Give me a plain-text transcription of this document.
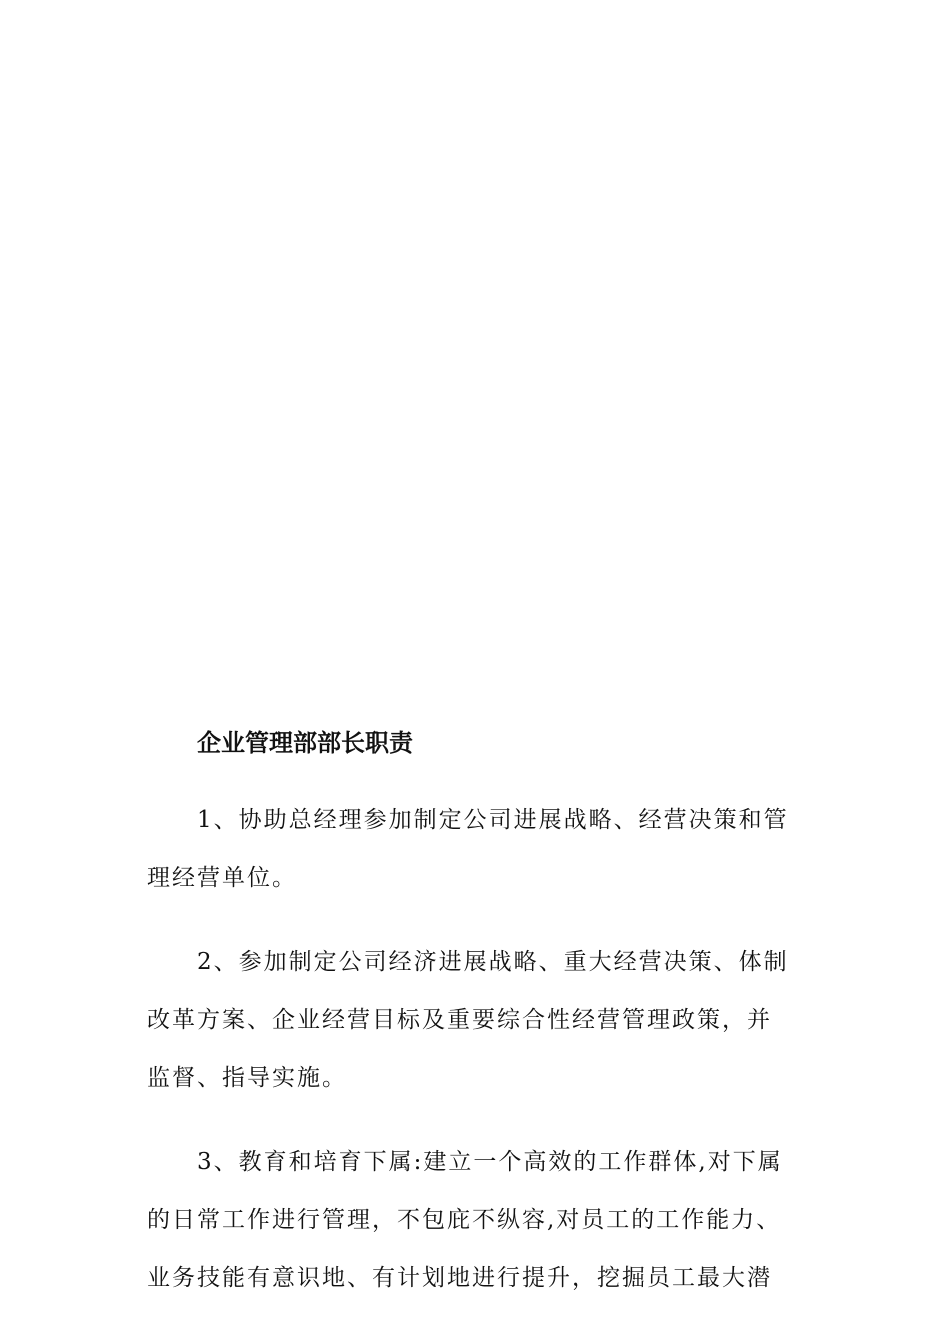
企业管理部部长职责

1、协助总经理参加制定公司进展战略、经营决策和管
理经营单位。

2、参加制定公司经济进展战略、重大经营决策、体制
改革方案、企业经营目标及重要综合性经营管理政策，并
监督、指导实施。

3、教育和培育下属:建立一个高效的工作群体,对下属
的日常工作进行管理，不包庇不纵容,对员工的工作能力、
业务技能有意识地、有计划地进行提升，挖掘员工最大潜
